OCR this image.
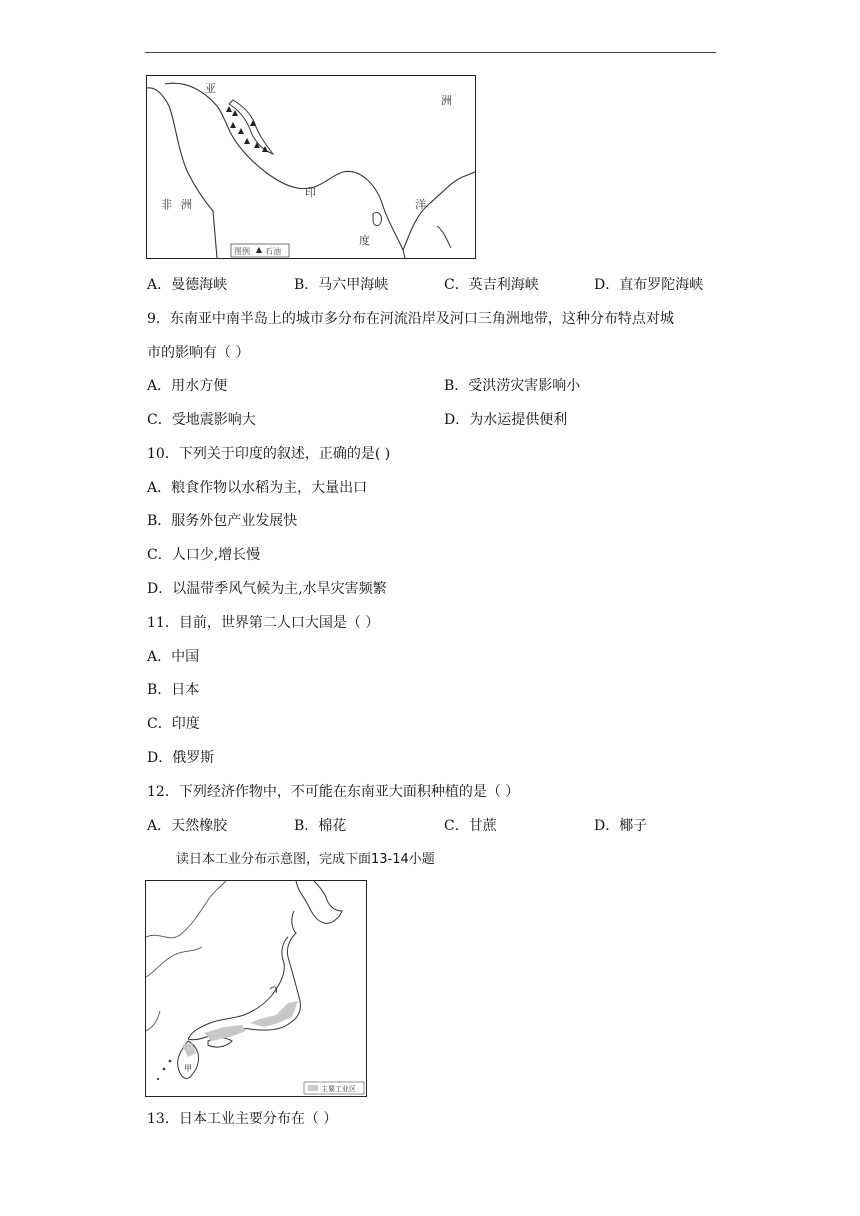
亚
洲
非 洲
印
洋
度
图例 石油
A．曼德海峡	B．马六甲海峡	C．英吉利海峡	D．直布罗陀海峡
9．东南亚中南半岛上的城市多分布在河流沿岸及河口三角洲地带，这种分布特点对城
市的影响有（ ）
A．用水方便	B．受洪涝灾害影响小
C．受地震影响大	D．为水运提供便利
10．下列关于印度的叙述，正确的是( )
A．粮食作物以水稻为主，大量出口
B．服务外包产业发展快
C．人口少,增长慢
D．以温带季风气候为主,水旱灾害频繁
11．目前，世界第二人口大国是（ ）
A．中国
B．日本
C．印度
D．俄罗斯
12．下列经济作物中，不可能在东南亚大面积种植的是（ ）
A．天然橡胶	B．棉花	C．甘蔗	D．椰子
读日本工业分布示意图，完成下面13-14小题
甲
主要工业区
13．日本工业主要分布在（ ）
